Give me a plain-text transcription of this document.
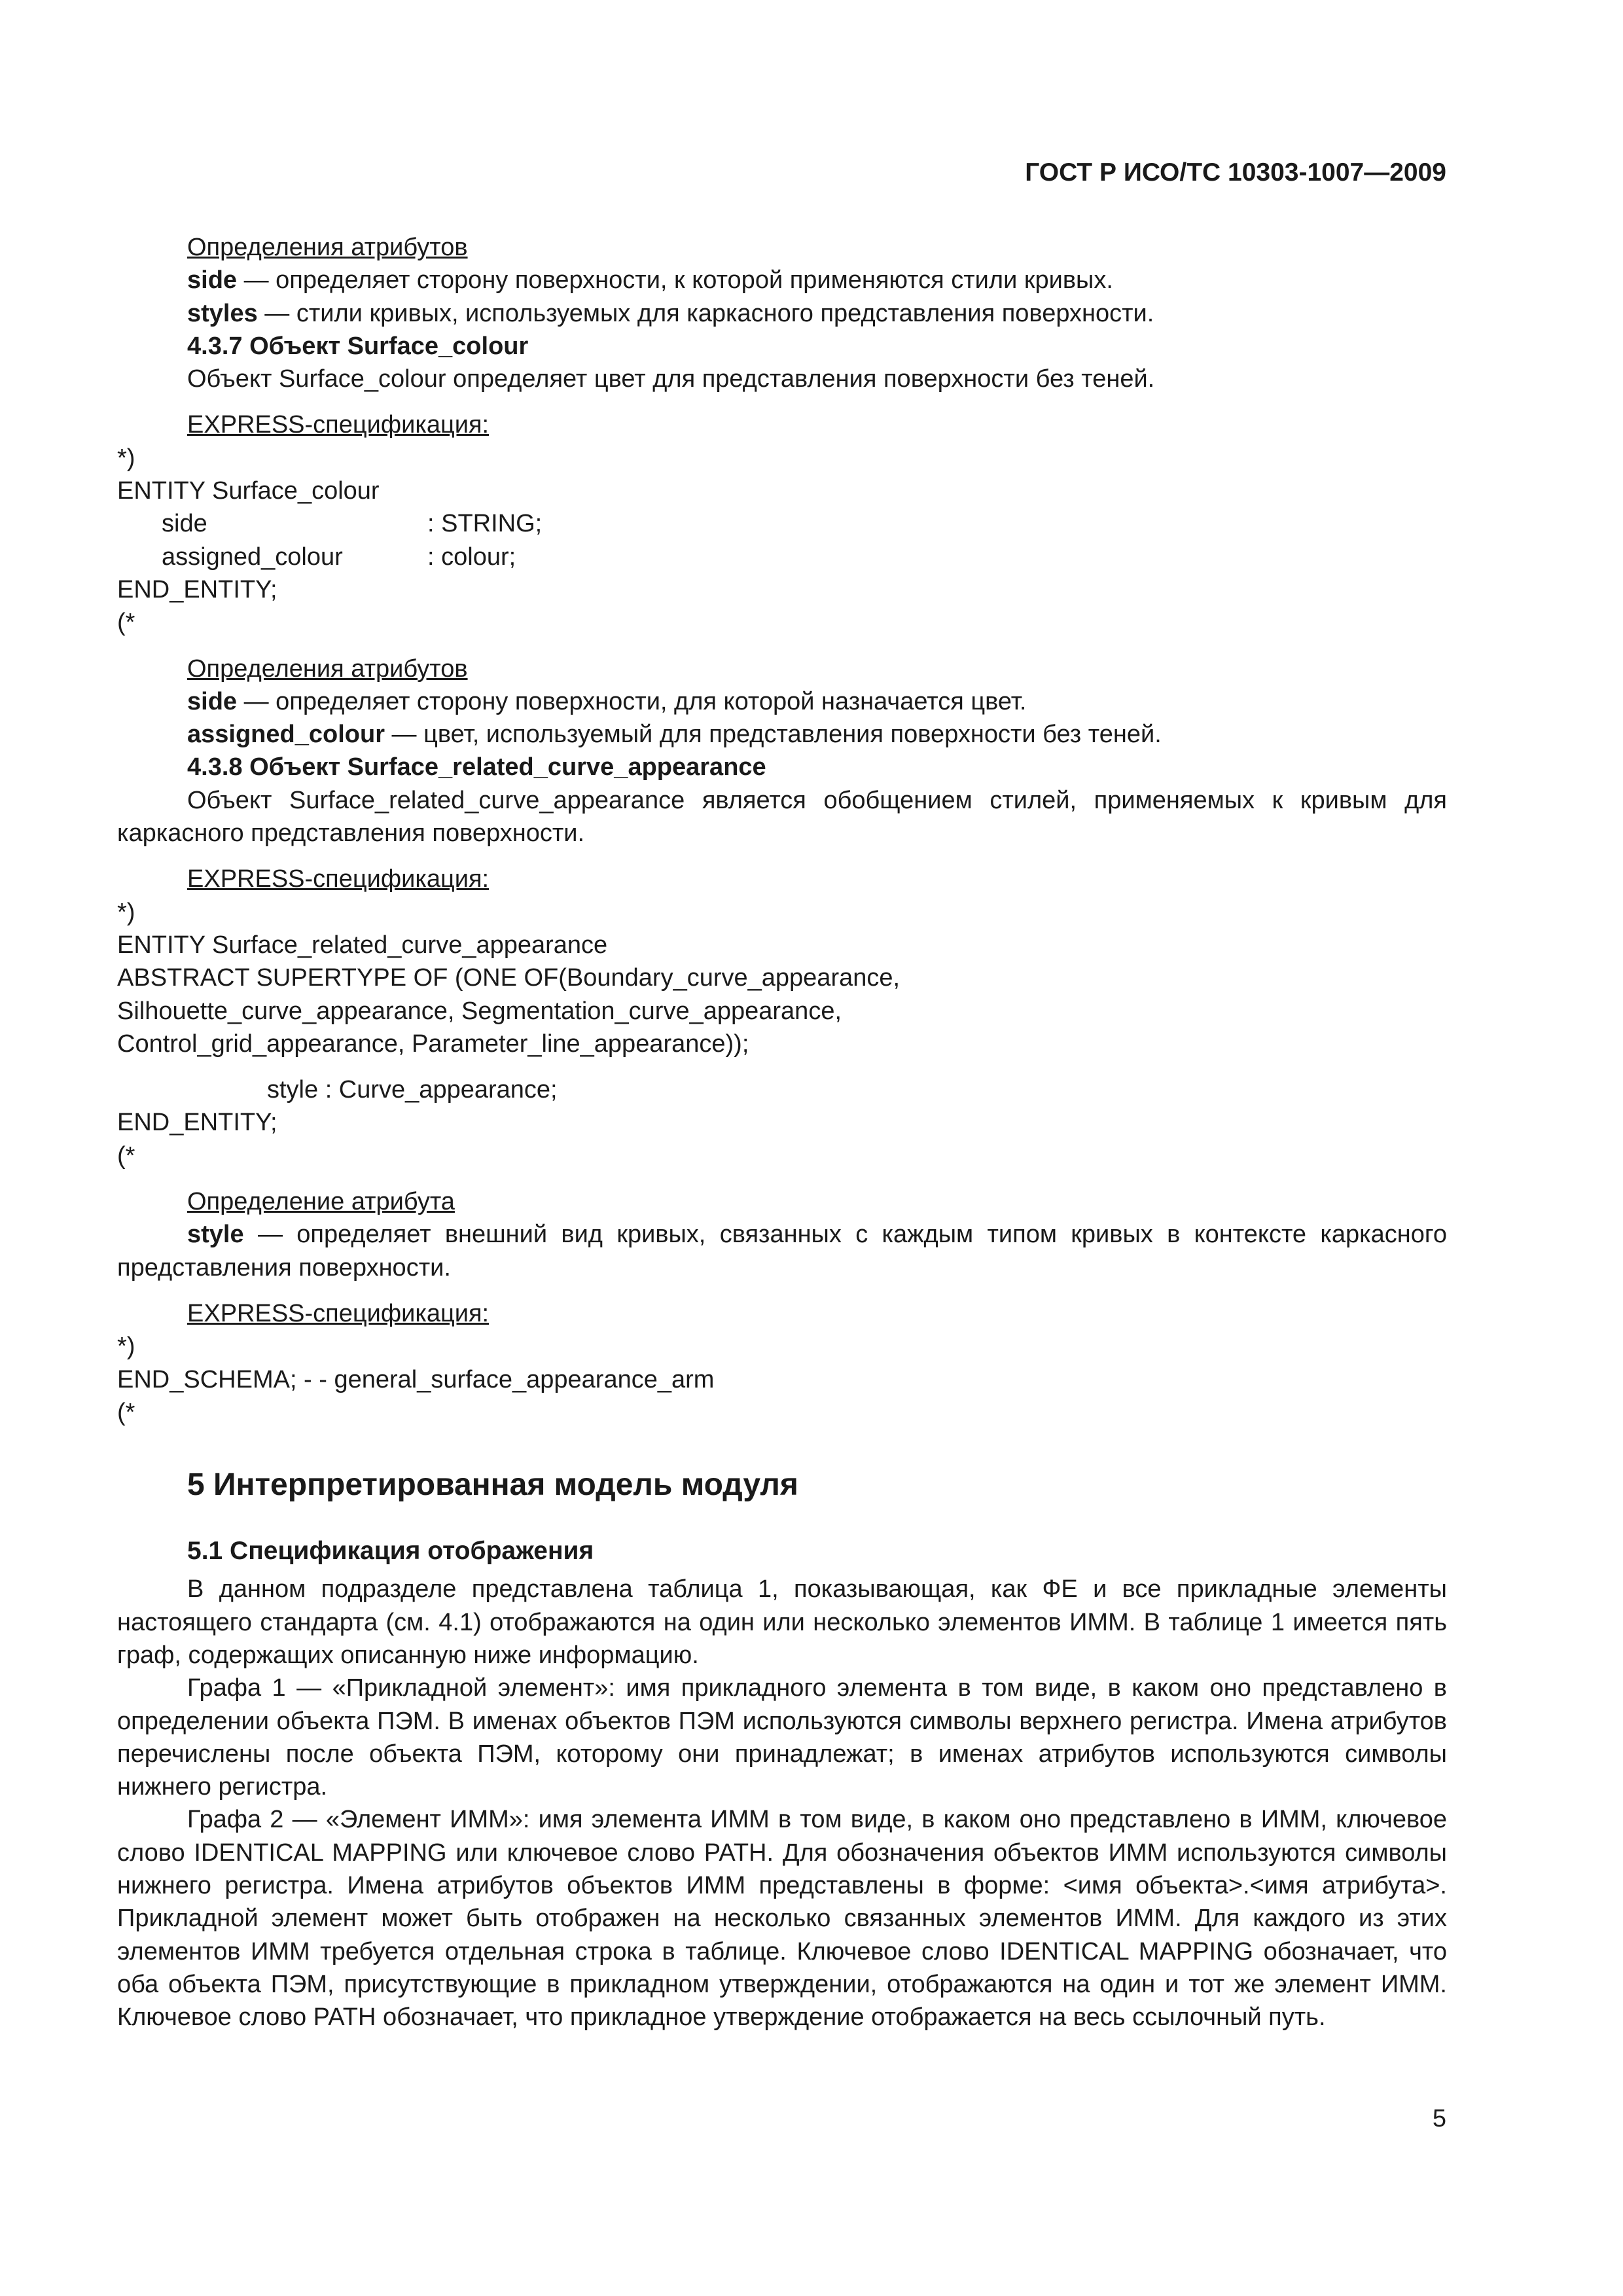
ГОСТ Р ИСО/ТС 10303-1007—2009
Определения атрибутов
side — определяет сторону поверхности, к которой применяются стили кривых.
styles — стили кривых, используемых для каркасного представления поверхности.
4.3.7 Объект Surface_colour
Объект Surface_colour определяет цвет для представления поверхности без теней.
EXPRESS-спецификация:
*)
ENTITY Surface_colour
side	: STRING;
assigned_colour	: colour;
END_ENTITY;
(*
Определения атрибутов
side — определяет сторону поверхности, для которой назначается цвет.
assigned_colour — цвет, используемый для представления поверхности без теней.
4.3.8 Объект Surface_related_curve_appearance
Объект Surface_related_curve_appearance является обобщением стилей, применяемых к кривым для каркасного представления поверхности.
EXPRESS-спецификация:
*)
ENTITY Surface_related_curve_appearance
ABSTRACT SUPERTYPE OF (ONE OF(Boundary_curve_appearance,
Silhouette_curve_appearance, Segmentation_curve_appearance,
Control_grid_appearance, Parameter_line_appearance));
style : Curve_appearance;
END_ENTITY;
(*
Определение атрибута
style — определяет внешний вид кривых, связанных с каждым типом кривых в контексте каркасного представления поверхности.
EXPRESS-спецификация:
*)
END_SCHEMA; - - general_surface_appearance_arm
(*
5 Интерпретированная модель модуля
5.1 Спецификация отображения
В данном подразделе представлена таблица 1, показывающая, как ФЕ и все прикладные элементы настоящего стандарта (см. 4.1) отображаются на один или несколько элементов ИММ. В таблице 1 имеется пять граф, содержащих описанную ниже информацию.
Графа 1 — «Прикладной элемент»: имя прикладного элемента в том виде, в каком оно представлено в определении объекта ПЭМ. В именах объектов ПЭМ используются символы верхнего регистра. Имена атрибутов перечислены после объекта ПЭМ, которому они принадлежат; в именах атрибутов используются символы нижнего регистра.
Графа 2 — «Элемент ИММ»: имя элемента ИММ в том виде, в каком оно представлено в ИММ, ключевое слово IDENTICAL MAPPING или ключевое слово PATH. Для обозначения объектов ИММ используются символы нижнего регистра. Имена атрибутов объектов ИММ представлены в форме: <имя объекта>.<имя атрибута>. Прикладной элемент может быть отображен на несколько связанных элементов ИММ. Для каждого из этих элементов ИММ требуется отдельная строка в таблице. Ключевое слово IDENTICAL MAPPING обозначает, что оба объекта ПЭМ, присутствующие в прикладном утверждении, отображаются на один и тот же элемент ИММ. Ключевое слово PATH обозначает, что прикладное утверждение отображается на весь ссылочный путь.
5
